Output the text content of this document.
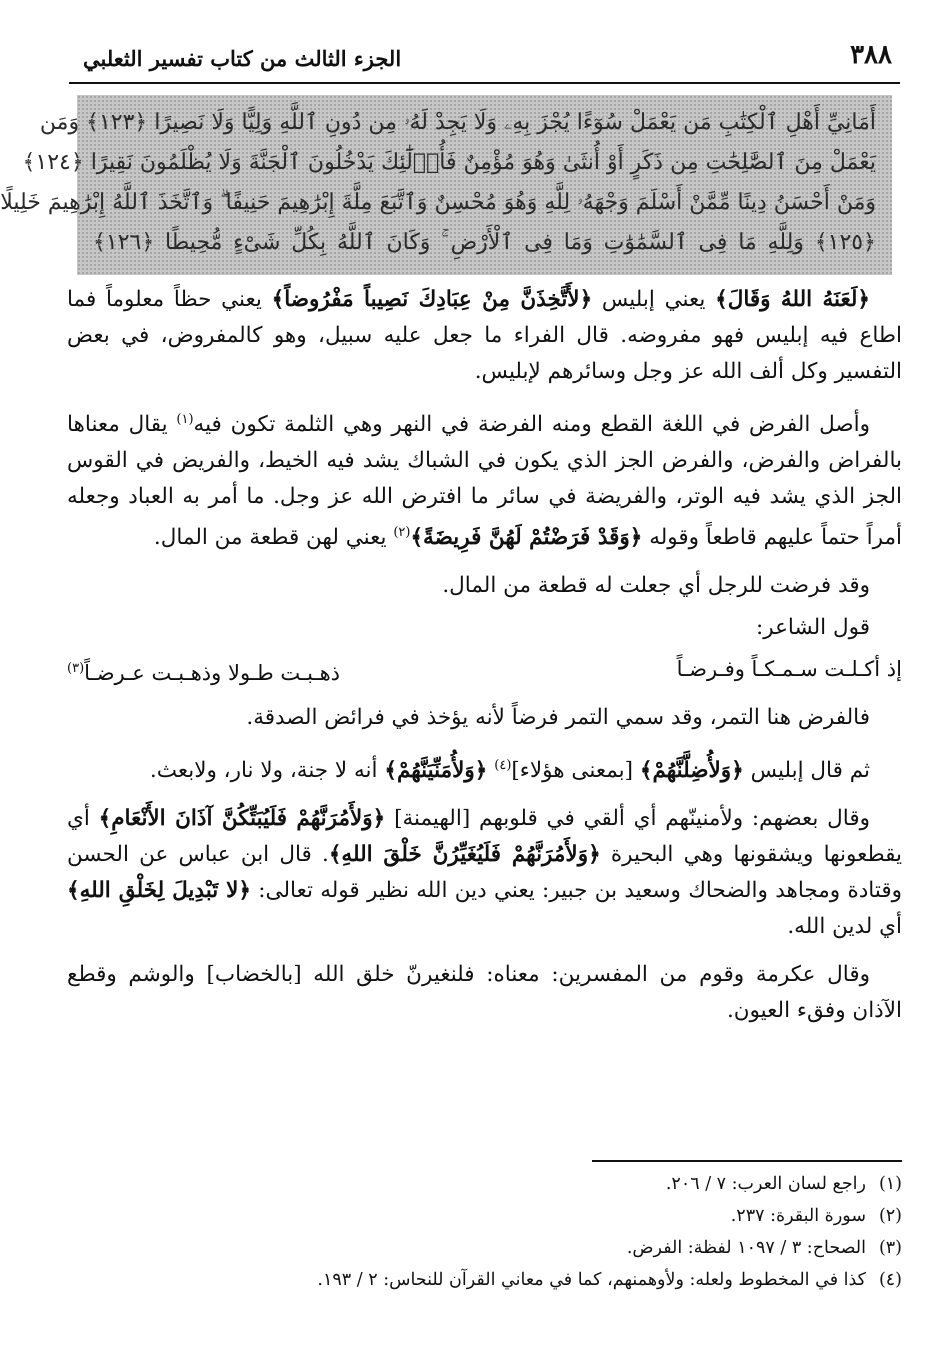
٣٨٨
الجزء الثالث من كتاب تفسير الثعلبي
أَمَانِيِّ أَهْلِ ٱلْكِتَٰبِ مَن يَعْمَلْ سُوٓءًا يُجْزَ بِهِۦ وَلَا يَجِدْ لَهُۥ مِن دُونِ ٱللَّهِ وَلِيًّا وَلَا نَصِيرًا ﴿١٢٣﴾ وَمَن
يَعْمَلْ مِنَ ٱلصَّٰلِحَٰتِ مِن ذَكَرٍ أَوْ أُنثَىٰ وَهُوَ مُؤْمِنٌ فَأُو۟لَٰٓئِكَ يَدْخُلُونَ ٱلْجَنَّةَ وَلَا يُظْلَمُونَ نَقِيرًا ﴿١٢٤﴾
وَمَنْ أَحْسَنُ دِينًا مِّمَّنْ أَسْلَمَ وَجْهَهُۥ لِلَّهِ وَهُوَ مُحْسِنٌ وَٱتَّبَعَ مِلَّةَ إِبْرَٰهِيمَ حَنِيفًا ۗ وَٱتَّخَذَ ٱللَّهُ إِبْرَٰهِيمَ خَلِيلًا
﴿١٢٥﴾ وَلِلَّهِ مَا فِى ٱلسَّمَٰوَٰتِ وَمَا فِى ٱلْأَرْضِ ۚ وَكَانَ ٱللَّهُ بِكُلِّ شَىْءٍ مُّحِيطًا ﴿١٢٦﴾

﴿لَعَنَهُ اللهُ وَقَالَ﴾ يعني إبليس ﴿لأَتَّخِذَنَّ مِنْ عِبَادِكَ نَصِيباً مَفْرُوضاً﴾ يعني حظاً معلوماً فما اطاع فيه إبليس فهو مفروضه. قال الفراء ما جعل عليه سبيل، وهو كالمفروض، في بعض التفسير وكل ألف الله عز وجل وسائرهم لإبليس.

وأصل الفرض في اللغة القطع ومنه الفرضة في النهر وهي الثلمة تكون فيه$^{(١)}$ يقال معناها بالفراض والفرض، والفرض الجز الذي يكون في الشباك يشد فيه الخيط، والفريض في القوس الجز الذي يشد فيه الوتر، والفريضة في سائر ما افترض الله عز وجل. ما أمر به العباد وجعله أمراً حتماً عليهم قاطعاً وقوله ﴿وَقَدْ فَرَضْتُمْ لَهُنَّ فَرِيضَةً﴾$^{(٢)}$ يعني لهن قطعة من المال.

وقد فرضت للرجل أي جعلت له قطعة من المال.

قول الشاعر:

إذ أكـلـت سـمـكـاً وفـرضـاً
ذهـبـت طـولا وذهـبـت عـرضـاً$^{(٣)}$

فالفرض هنا التمر، وقد سمي التمر فرضاً لأنه يؤخذ في فرائض الصدقة.

ثم قال إبليس ﴿وَلأُضِلَّنَّهُمْ﴾ [بمعنى هؤلاء]$^{(٤)}$ ﴿وَلأُمَنِّيَنَّهُمْ﴾ أنه لا جنة، ولا نار، ولابعث.

وقال بعضهم: ولأمنينّهم أي ألقي في قلوبهم [الهيمنة] ﴿وَلأَمُرَنَّهُمْ فَلَيُبَتِّكُنَّ آذَانَ الأَنْعَامِ﴾ أي يقطعونها ويشقونها وهي البحيرة ﴿وَلأَمُرَنَّهُمْ فَلَيُغَيِّرُنَّ خَلْقَ اللهِ﴾. قال ابن عباس عن الحسن وقتادة ومجاهد والضحاك وسعيد بن جبير: يعني دين الله نظير قوله تعالى: ﴿لا تَبْدِيلَ لِخَلْقِ اللهِ﴾ أي لدين الله.

وقال عكرمة وقوم من المفسرين: معناه: فلنغيرنّ خلق الله [بالخضاب] والوشم وقطع الآذان وفقء العيون.

(١)راجع لسان العرب: ٧ / ٢٠٦.
(٢)سورة البقرة: ٢٣٧.
(٣)الصحاح: ٣ / ١٠٩٧ لفظة: الفرض.
(٤)كذا في المخطوط ولعله: ولأوهمنهم، كما في معاني القرآن للنحاس: ٢ / ١٩٣.
